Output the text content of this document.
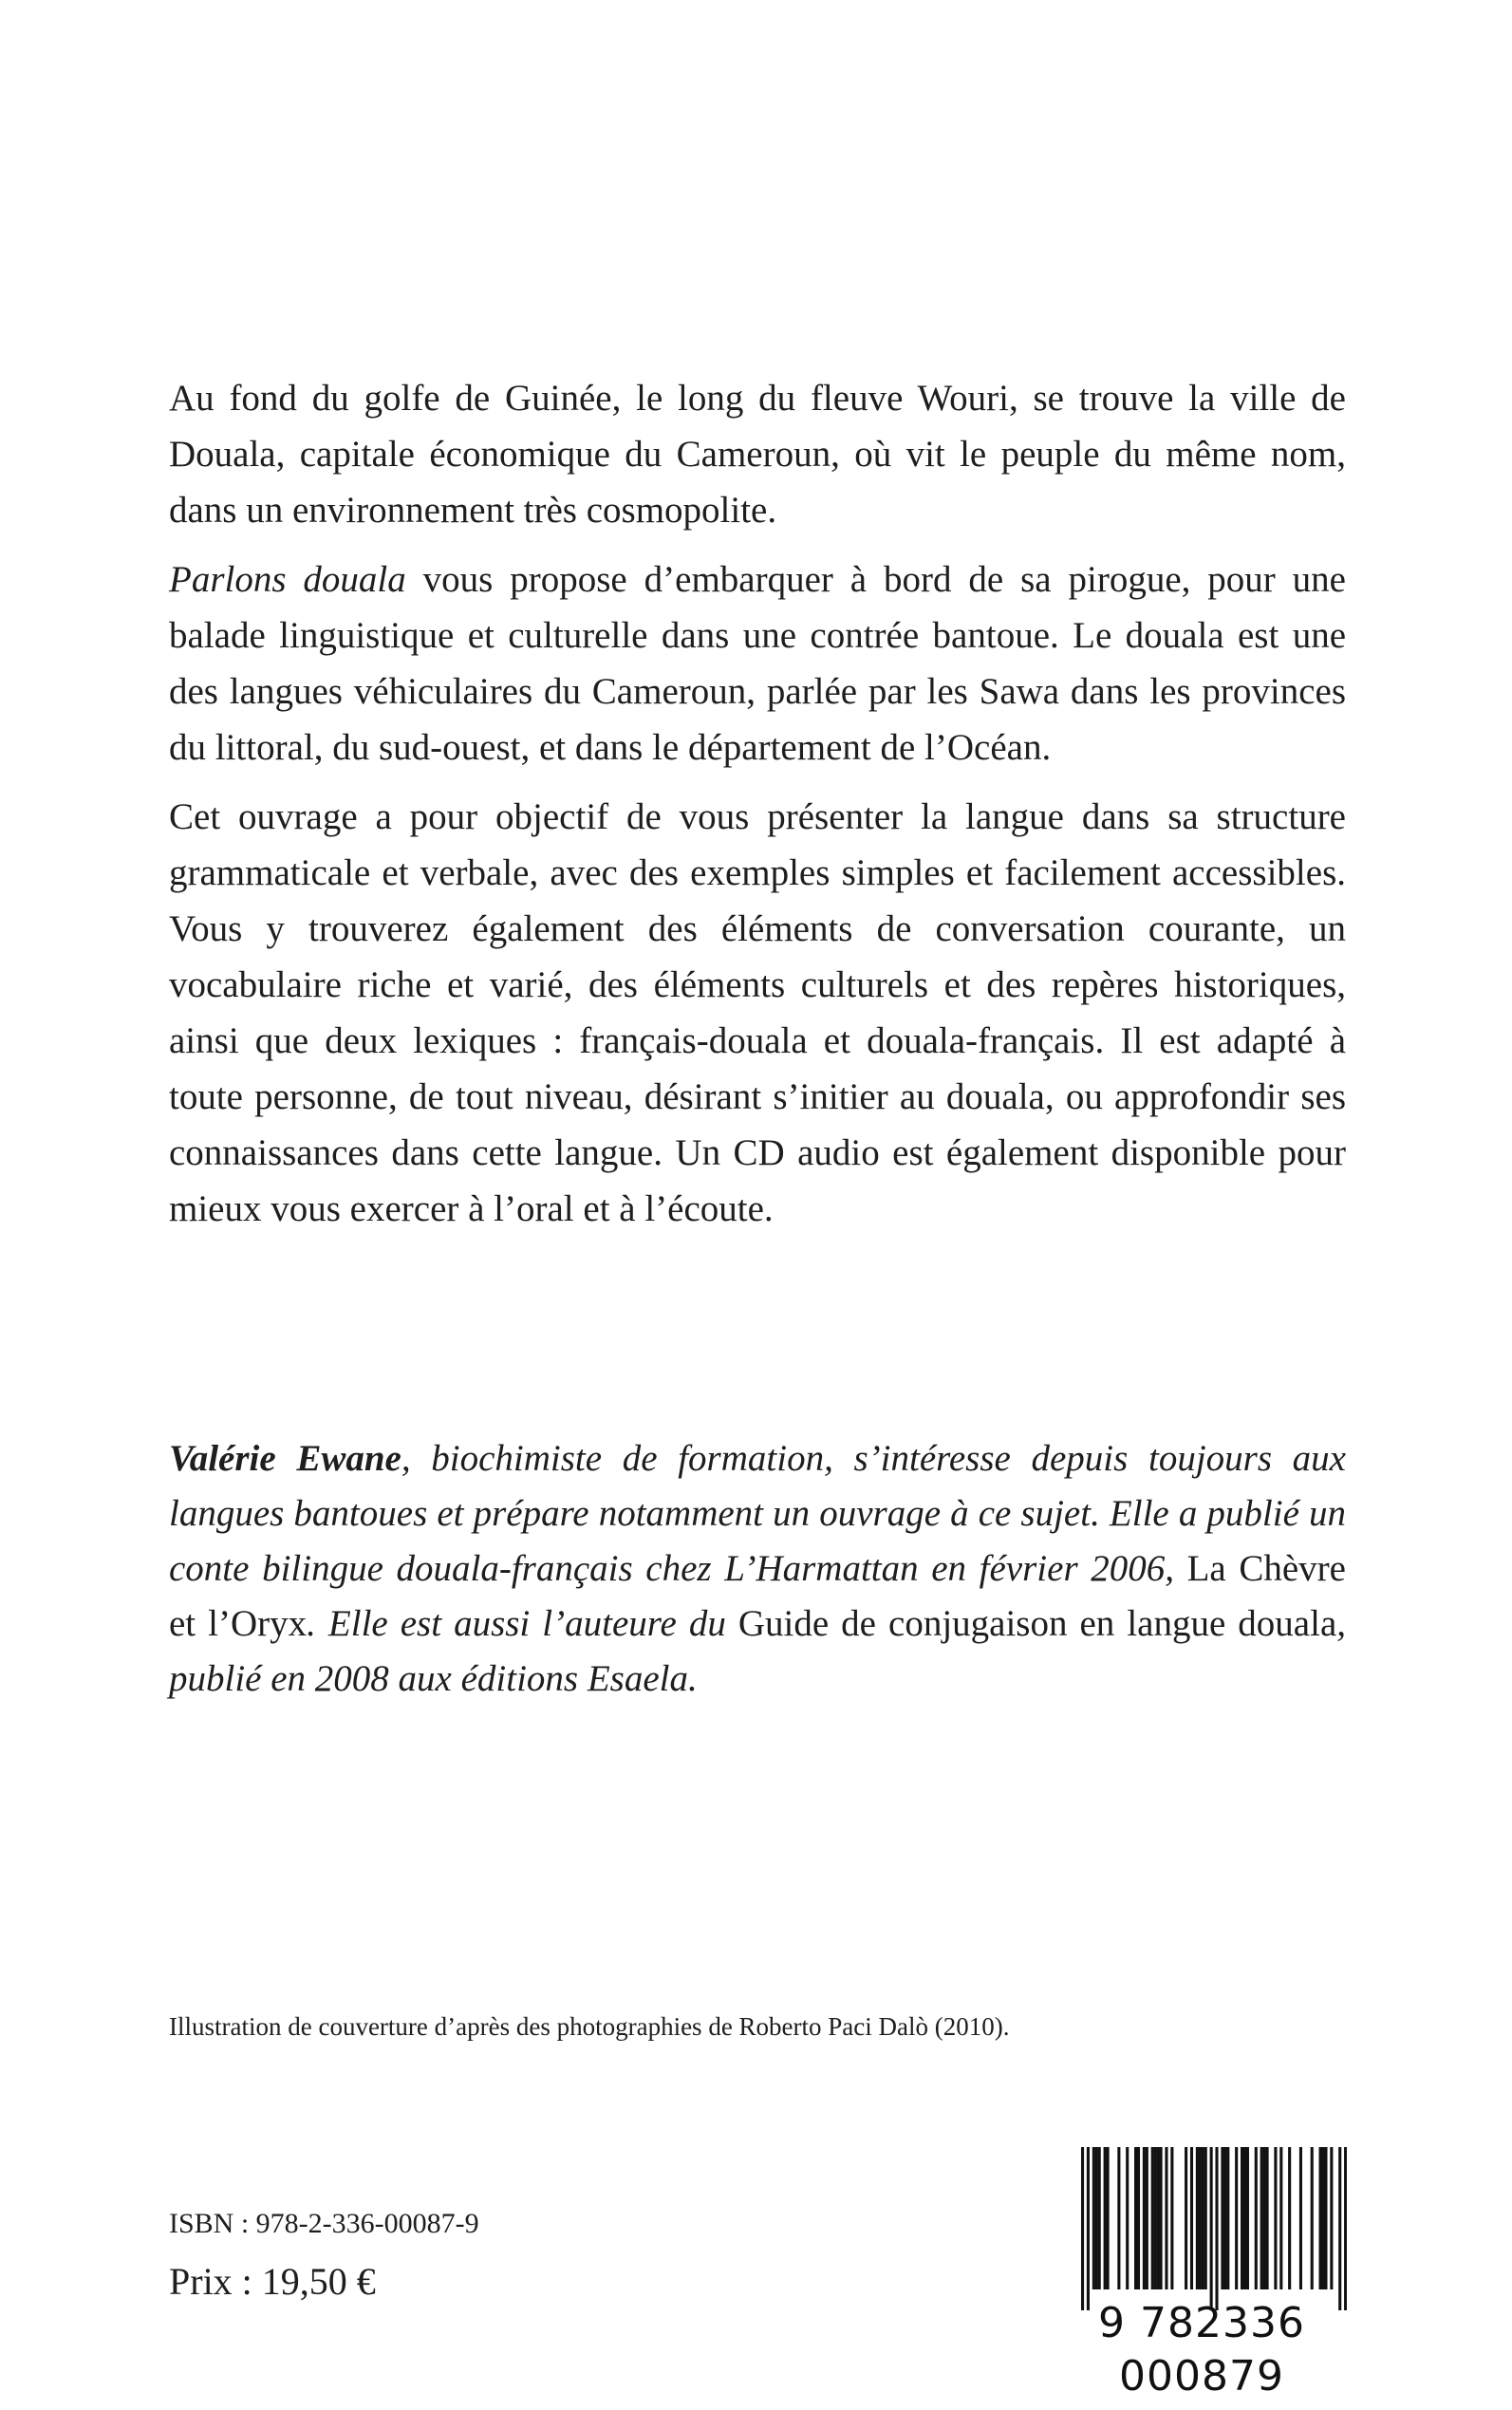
Au fond du golfe de Guinée, le long du fleuve Wouri, se trouve la ville de Douala, capitale économique du Cameroun, où vit le peuple du même nom, dans un environnement très cosmopolite.

Parlons douala vous propose d’embarquer à bord de sa pirogue, pour une balade linguistique et culturelle dans une contrée bantoue. Le douala est une des langues véhiculaires du Cameroun, parlée par les Sawa dans les provinces du littoral, du sud-ouest, et dans le département de l’Océan.

Cet ouvrage a pour objectif de vous présenter la langue dans sa structure grammaticale et verbale, avec des exemples simples et facilement accessibles. Vous y trouverez également des éléments de conversation courante, un vocabulaire riche et varié, des éléments culturels et des repères historiques, ainsi que deux lexiques : français-douala et douala-français. Il est adapté à toute personne, de tout niveau, désirant s’initier au douala, ou approfondir ses connaissances dans cette langue. Un CD audio est également disponible pour mieux vous exercer à l’oral et à l’écoute.

Valérie Ewane, biochimiste de formation, s’intéresse depuis toujours aux langues bantoues et prépare notamment un ouvrage à ce sujet. Elle a publié un conte bilingue douala-français chez L’Harmattan en février 2006, La Chèvre et l’Oryx. Elle est aussi l’auteure du Guide de conjugaison en langue douala, publié en 2008 aux éditions Esaela.

Illustration de couverture d’après des photographies de Roberto Paci Dalò (2010).
ISBN : 978-2-336-00087-9
Prix : 19,50 €
9 782336 000879
